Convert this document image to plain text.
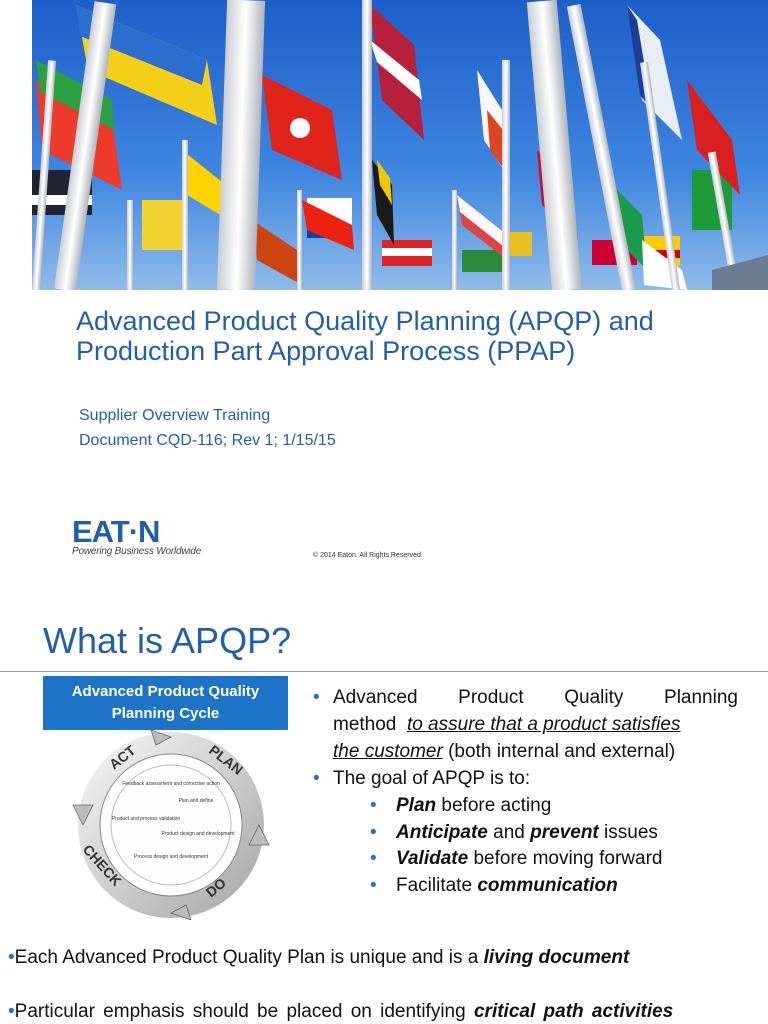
Advanced Product Quality Planning (APQP) and
Production Part Approval Process (PPAP)
Supplier Overview Training
Document CQD-116; Rev 1; 1/15/15
EAT·N
Powering Business Worldwide	© 2014 Eaton. All Rights Reserved.
What is APQP?
Advanced Product Quality
Planning Cycle
ACT	PLAN
DO
CHECK
Feedback assessment and corrective action
Plan and define
Product and process validation
Product design and development
Process design and development
• Advanced Product Quality Planning
method to assure that a product satisfies
the customer (both internal and external)
• The goal of APQP is to:
• Plan before acting
• Anticipate and prevent issues
• Validate before moving forward
• Facilitate communication
•Each Advanced Product Quality Plan is unique and is a living document
•Particular emphasis should be placed on identifying critical path activities
